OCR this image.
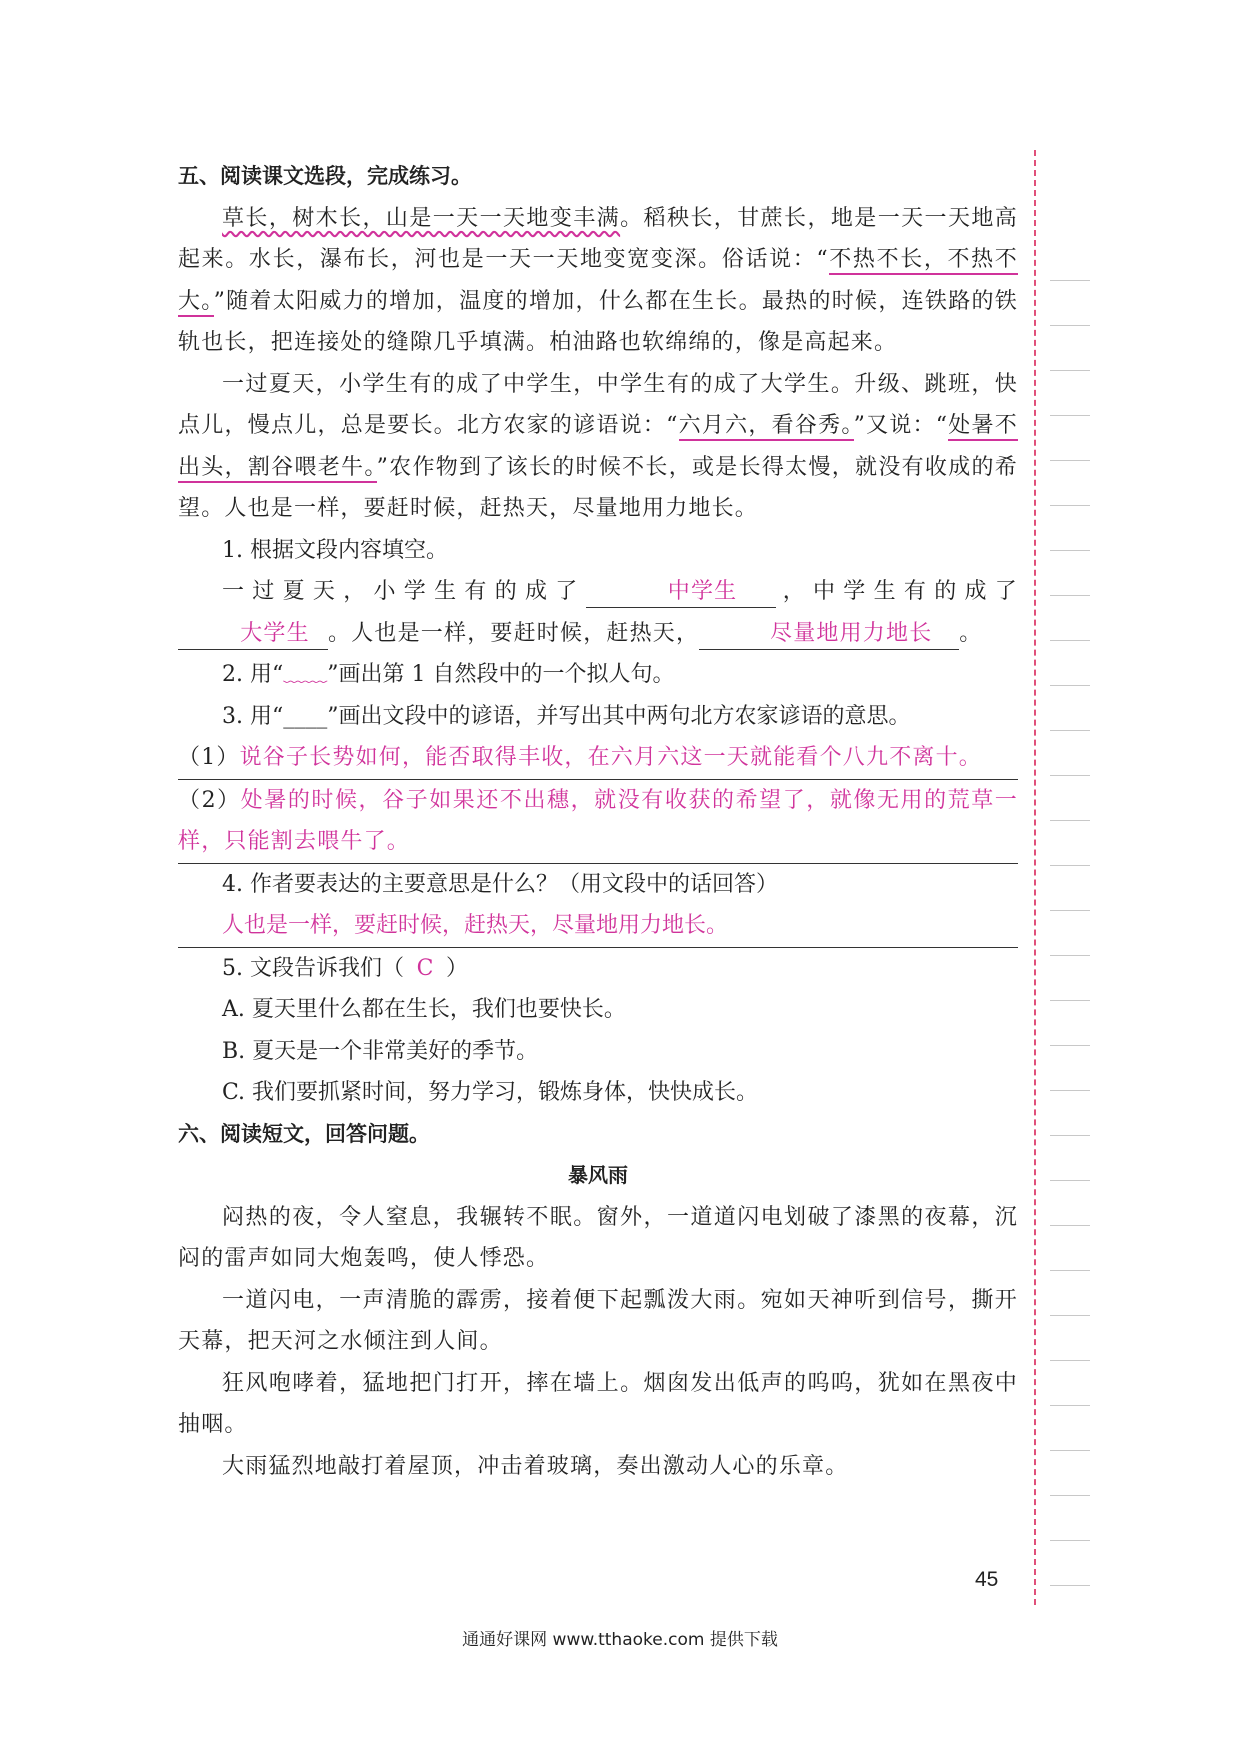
五、阅读课文选段，完成练习。

草长，树木长，山是一天一天地变丰满。稻秧长，甘蔗长，地是一天一天地高起来。水长，瀑布长，河也是一天一天地变宽变深。俗话说：“不热不长，不热不大。”随着太阳威力的增加，温度的增加，什么都在生长。最热的时候，连铁路的铁轨也长，把连接处的缝隙几乎填满。柏油路也软绵绵的，像是高起来。

一过夏天，小学生有的成了中学生，中学生有的成了大学生。升级、跳班，快点儿，慢点儿，总是要长。北方农家的谚语说：“六月六，看谷秀。”又说：“处暑不出头，割谷喂老牛。”农作物到了该长的时候不长，或是长得太慢，就没有收成的希望。人也是一样，要赶时候，赶热天，尽量地用力地长。

1. 根据文段内容填空。

一过夏天，小学生有的成了	中学生 ，中学生有的成了大学生 。人也是一样，要赶时候，赶热天，	尽量地用力地长 。

2. 用“﹏﹏”画出第 1 自然段中的一个拟人句。

3. 用“____”画出文段中的谚语，并写出其中两句北方农家谚语的意思。

（1）说谷子长势如何，能否取得丰收，在六月六这一天就能看个八九不离十。
（2）处暑的时候，谷子如果还不出穗，就没有收获的希望了，就像无用的荒草一样，只能割去喂牛了。

4. 作者要表达的主要意思是什么？（用文段中的话回答）

人也是一样，要赶时候，赶热天，尽量地用力地长。

5. 文段告诉我们（ C ）

A. 夏天里什么都在生长，我们也要快长。

B. 夏天是一个非常美好的季节。

C. 我们要抓紧时间，努力学习，锻炼身体，快快成长。

六、阅读短文，回答问题。

暴风雨

闷热的夜，令人窒息，我辗转不眠。窗外，一道道闪电划破了漆黑的夜幕，沉闷的雷声如同大炮轰鸣，使人悸恐。

一道闪电，一声清脆的霹雳，接着便下起瓢泼大雨。宛如天神听到信号，撕开天幕，把天河之水倾注到人间。

狂风咆哮着，猛地把门打开，摔在墙上。烟囱发出低声的呜呜，犹如在黑夜中抽咽。

大雨猛烈地敲打着屋顶，冲击着玻璃，奏出激动人心的乐章。

45
通通好课网 www.tthaoke.com 提供下载
